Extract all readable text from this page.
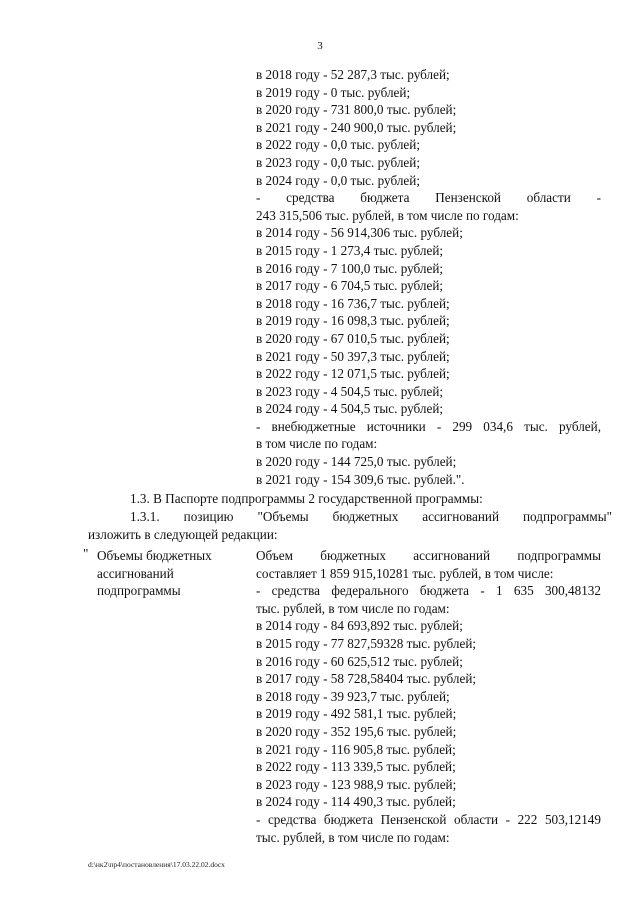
3
в 2018 году - 52 287,3 тыс. рублей;
в 2019 году - 0 тыс. рублей;
в 2020 году - 731 800,0 тыс. рублей;
в 2021 году - 240 900,0 тыс. рублей;
в 2022 году - 0,0 тыс. рублей;
в 2023 году - 0,0 тыс. рублей;
в 2024 году - 0,0 тыс. рублей;
- средства бюджета Пензенской области -
243 315,506 тыс. рублей, в том числе по годам:
в 2014 году - 56 914,306 тыс. рублей;
в 2015 году - 1 273,4 тыс. рублей;
в 2016 году - 7 100,0 тыс. рублей;
в 2017 году - 6 704,5 тыс. рублей;
в 2018 году - 16 736,7 тыс. рублей;
в 2019 году - 16 098,3 тыс. рублей;
в 2020 году - 67 010,5 тыс. рублей;
в 2021 году - 50 397,3 тыс. рублей;
в 2022 году - 12 071,5 тыс. рублей;
в 2023 году - 4 504,5 тыс. рублей;
в 2024 году - 4 504,5 тыс. рублей;
- внебюджетные источники - 299 034,6 тыс. рублей,
в том числе по годам:
в 2020 году - 144 725,0 тыс. рублей;
в 2021 году - 154 309,6 тыс. рублей.".
1.3. В Паспорте подпрограммы 2 государственной программы:
1.3.1. позицию "Объемы бюджетных ассигнований подпрограммы"
изложить в следующей редакции:
" Объемы бюджетных
ассигнований
подпрограммы
Объем бюджетных ассигнований подпрограммы
составляет 1 859 915,10281 тыс. рублей, в том числе:
- средства федерального бюджета - 1 635 300,48132
тыс. рублей, в том числе по годам:
в 2014 году - 84 693,892 тыс. рублей;
в 2015 году - 77 827,59328 тыс. рублей;
в 2016 году - 60 625,512 тыс. рублей;
в 2017 году - 58 728,58404 тыс. рублей;
в 2018 году - 39 923,7 тыс. рублей;
в 2019 году - 492 581,1 тыс. рублей;
в 2020 году - 352 195,6 тыс. рублей;
в 2021 году - 116 905,8 тыс. рублей;
в 2022 году - 113 339,5 тыс. рублей;
в 2023 году - 123 988,9 тыс. рублей;
в 2024 году - 114 490,3 тыс. рублей;
- средства бюджета Пензенской области - 222 503,12149
тыс. рублей, в том числе по годам:
d:\нк2\пр4\постановления\17.03.22.02.docx
